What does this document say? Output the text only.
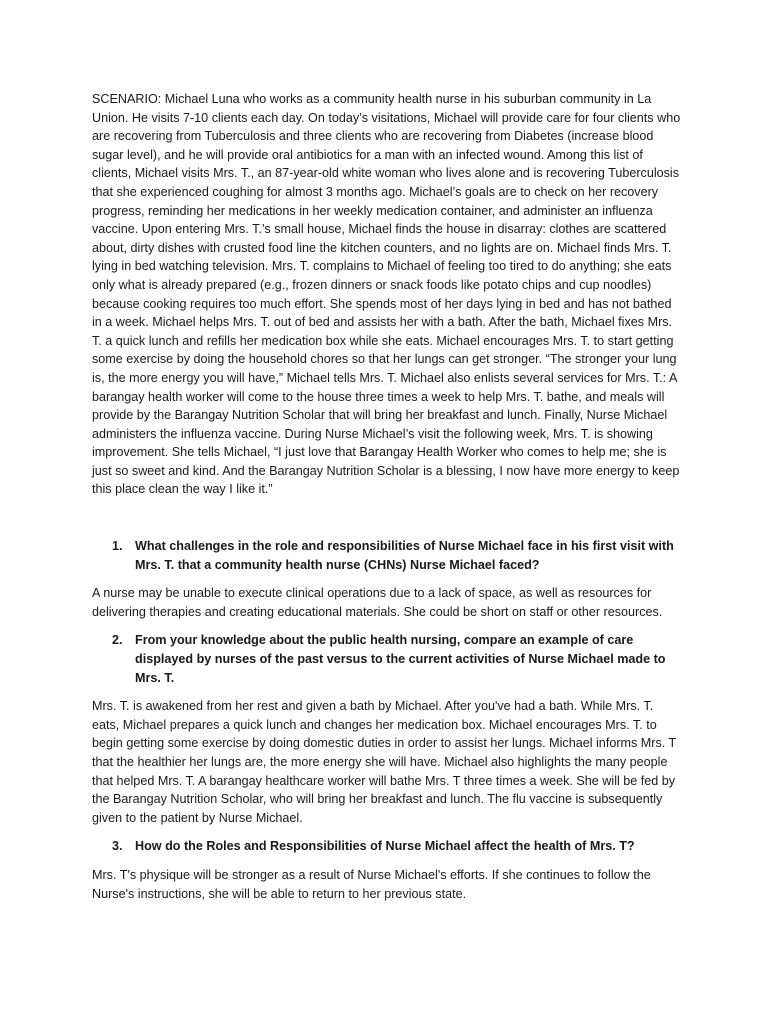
SCENARIO: Michael Luna who works as a community health nurse in his suburban community in La Union. He visits 7-10 clients each day. On today’s visitations, Michael will provide care for four clients who are recovering from Tuberculosis and three clients who are recovering from Diabetes (increase blood sugar level), and he will provide oral antibiotics for a man with an infected wound. Among this list of clients, Michael visits Mrs. T., an 87-year-old white woman who lives alone and is recovering Tuberculosis that she experienced coughing for almost 3 months ago. Michael’s goals are to check on her recovery progress, reminding her medications in her weekly medication container, and administer an influenza vaccine. Upon entering Mrs. T.’s small house, Michael finds the house in disarray: clothes are scattered about, dirty dishes with crusted food line the kitchen counters, and no lights are on. Michael finds Mrs. T. lying in bed watching television. Mrs. T. complains to Michael of feeling too tired to do anything; she eats only what is already prepared (e.g., frozen dinners or snack foods like potato chips and cup noodles) because cooking requires too much effort. She spends most of her days lying in bed and has not bathed in a week. Michael helps Mrs. T. out of bed and assists her with a bath. After the bath, Michael fixes Mrs. T. a quick lunch and refills her medication box while she eats. Michael encourages Mrs. T. to start getting some exercise by doing the household chores so that her lungs can get stronger. “The stronger your lung is, the more energy you will have,” Michael tells Mrs. T. Michael also enlists several services for Mrs. T.: A barangay health worker will come to the house three times a week to help Mrs. T. bathe, and meals will provide by the Barangay Nutrition Scholar that will bring her breakfast and lunch. Finally, Nurse Michael administers the influenza vaccine. During Nurse Michael’s visit the following week, Mrs. T. is showing improvement. She tells Michael, “I just love that Barangay Health Worker who comes to help me; she is just so sweet and kind. And the Barangay Nutrition Scholar is a blessing, I now have more energy to keep this place clean the way I like it.”

1. What challenges in the role and responsibilities of Nurse Michael face in his first visit with Mrs. T. that a community health nurse (CHNs) Nurse Michael faced?

A nurse may be unable to execute clinical operations due to a lack of space, as well as resources for delivering therapies and creating educational materials. She could be short on staff or other resources.

2. From your knowledge about the public health nursing, compare an example of care displayed by nurses of the past versus to the current activities of Nurse Michael made to Mrs. T.

Mrs. T. is awakened from her rest and given a bath by Michael. After you've had a bath. While Mrs. T. eats, Michael prepares a quick lunch and changes her medication box. Michael encourages Mrs. T. to begin getting some exercise by doing domestic duties in order to assist her lungs. Michael informs Mrs. T that the healthier her lungs are, the more energy she will have. Michael also highlights the many people that helped Mrs. T. A barangay healthcare worker will bathe Mrs. T three times a week. She will be fed by the Barangay Nutrition Scholar, who will bring her breakfast and lunch. The flu vaccine is subsequently given to the patient by Nurse Michael.

3. How do the Roles and Responsibilities of Nurse Michael affect the health of Mrs. T?

Mrs. T's physique will be stronger as a result of Nurse Michael's efforts. If she continues to follow the Nurse's instructions, she will be able to return to her previous state.
